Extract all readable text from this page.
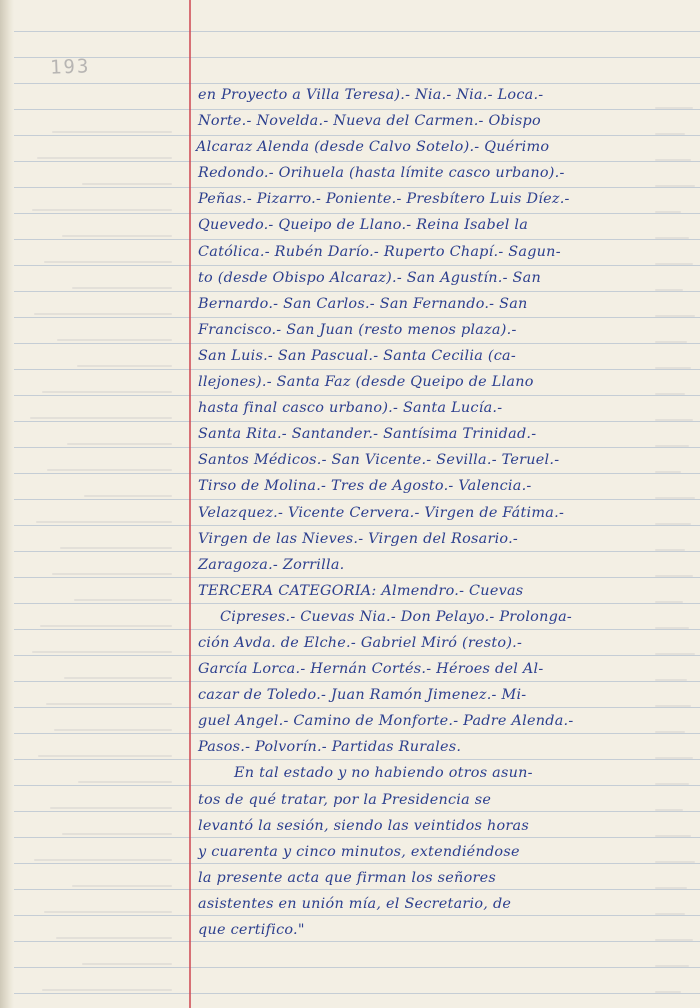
193
en Proyecto a Villa Teresa).- Nia.- Nia.- Loca.-
Norte.- Novelda.- Nueva del Carmen.- Obispo
Alcaraz Alenda (desde Calvo Sotelo).- Quérimo
Redondo.- Orihuela (hasta límite casco urbano).-
Peñas.- Pizarro.- Poniente.- Presbítero Luis Díez.-
Quevedo.- Queipo de Llano.- Reina Isabel la
Católica.- Rubén Darío.- Ruperto Chapí.- Sagun-
to (desde Obispo Alcaraz).- San Agustín.- San
Bernardo.- San Carlos.- San Fernando.- San
Francisco.- San Juan (resto menos plaza).-
San Luis.- San Pascual.- Santa Cecilia (ca-
llejones).- Santa Faz (desde Queipo de Llano
hasta final casco urbano).- Santa Lucía.-
Santa Rita.- Santander.- Santísima Trinidad.-
Santos Médicos.- San Vicente.- Sevilla.- Teruel.-
Tirso de Molina.- Tres de Agosto.- Valencia.-
Velazquez.- Vicente Cervera.- Virgen de Fátima.-
Virgen de las Nieves.- Virgen del Rosario.-
Zaragoza.- Zorrilla.
TERCERA CATEGORIA: Almendro.- Cuevas
Cipreses.- Cuevas Nia.- Don Pelayo.- Prolonga-
ción Avda. de Elche.- Gabriel Miró (resto).-
García Lorca.- Hernán Cortés.- Héroes del Al-
cazar de Toledo.- Juan Ramón Jimenez.- Mi-
guel Angel.- Camino de Monforte.- Padre Alenda.-
Pasos.- Polvorín.- Partidas Rurales.
En tal estado y no habiendo otros asun-
tos de qué tratar, por la Presidencia se
levantó la sesión, siendo las veintidos horas
y cuarenta y cinco minutos, extendiéndose
la presente acta que firman los señores
asistentes en unión mía, el Secretario, de
que certifico."
